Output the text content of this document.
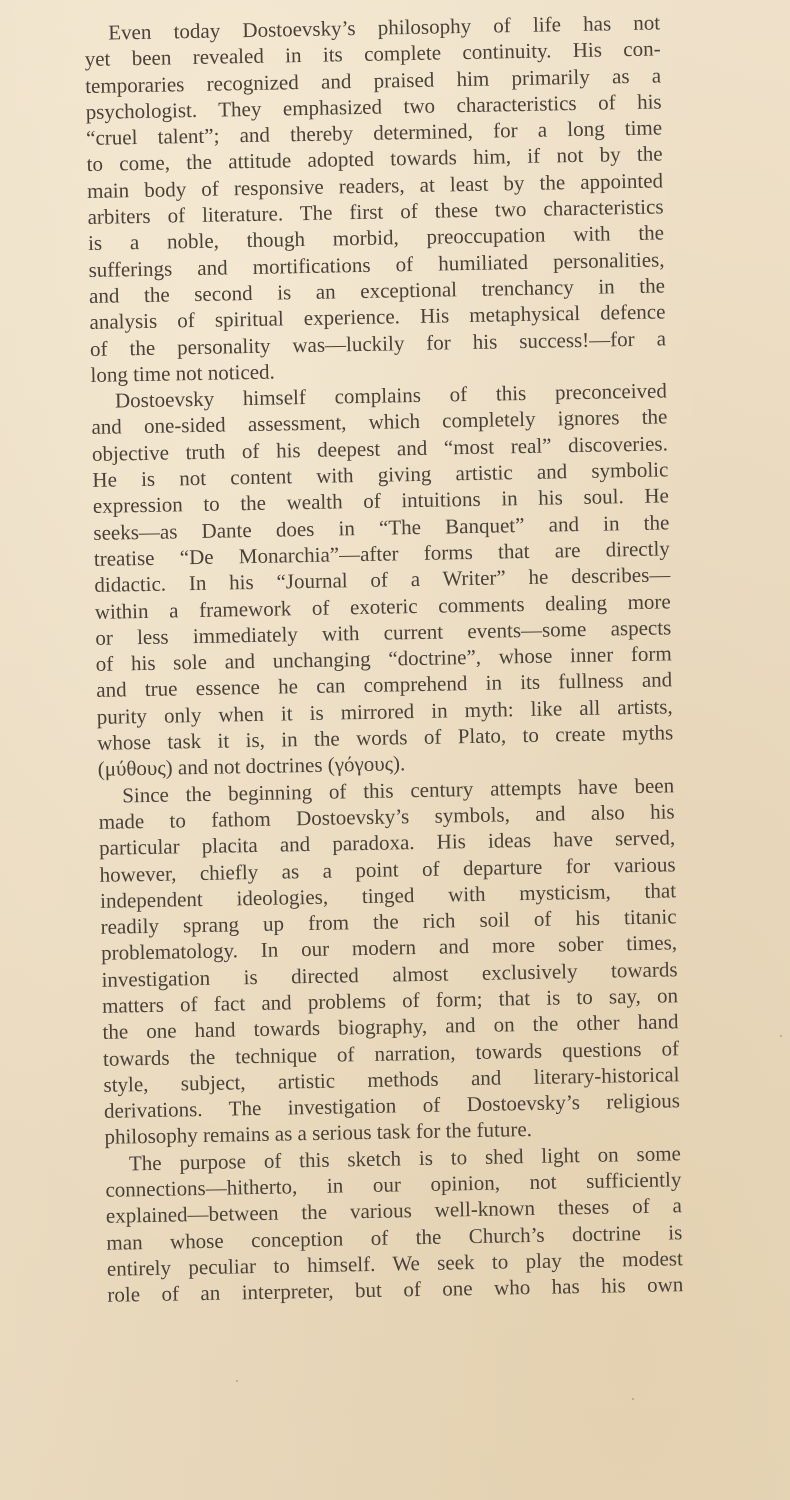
Even today Dostoevsky’s philosophy of life has not
yet been revealed in its complete continuity. His con-
temporaries recognized and praised him primarily as a
psychologist. They emphasized two characteristics of his
“cruel talent”; and thereby determined, for a long time
to come, the attitude adopted towards him, if not by the
main body of responsive readers, at least by the appointed
arbiters of literature. The first of these two characteristics
is a noble, though morbid, preoccupation with the
sufferings and mortifications of humiliated personalities,
and the second is an exceptional trenchancy in the
analysis of spiritual experience. His metaphysical defence
of the personality was—luckily for his success!—for a
long time not noticed.
Dostoevsky himself complains of this preconceived
and one-sided assessment, which completely ignores the
objective truth of his deepest and “most real” discoveries.
He is not content with giving artistic and symbolic
expression to the wealth of intuitions in his soul. He
seeks—as Dante does in “The Banquet” and in the
treatise “De Monarchia”—after forms that are directly
didactic. In his “Journal of a Writer” he describes—
within a framework of exoteric comments dealing more
or less immediately with current events—some aspects
of his sole and unchanging “doctrine”, whose inner form
and true essence he can comprehend in its fullness and
purity only when it is mirrored in myth: like all artists,
whose task it is, in the words of Plato, to create myths
(μύθους) and not doctrines (γόγους).
Since the beginning of this century attempts have been
made to fathom Dostoevsky’s symbols, and also his
particular placita and paradoxa. His ideas have served,
however, chiefly as a point of departure for various
independent ideologies, tinged with mysticism, that
readily sprang up from the rich soil of his titanic
problematology. In our modern and more sober times,
investigation is directed almost exclusively towards
matters of fact and problems of form; that is to say, on
the one hand towards biography, and on the other hand
towards the technique of narration, towards questions of
style, subject, artistic methods and literary-historical
derivations. The investigation of Dostoevsky’s religious
philosophy remains as a serious task for the future.
The purpose of this sketch is to shed light on some
connections—hitherto, in our opinion, not sufficiently
explained—between the various well-known theses of a
man whose conception of the Church’s doctrine is
entirely peculiar to himself. We seek to play the modest
role of an interpreter, but of one who has his own
